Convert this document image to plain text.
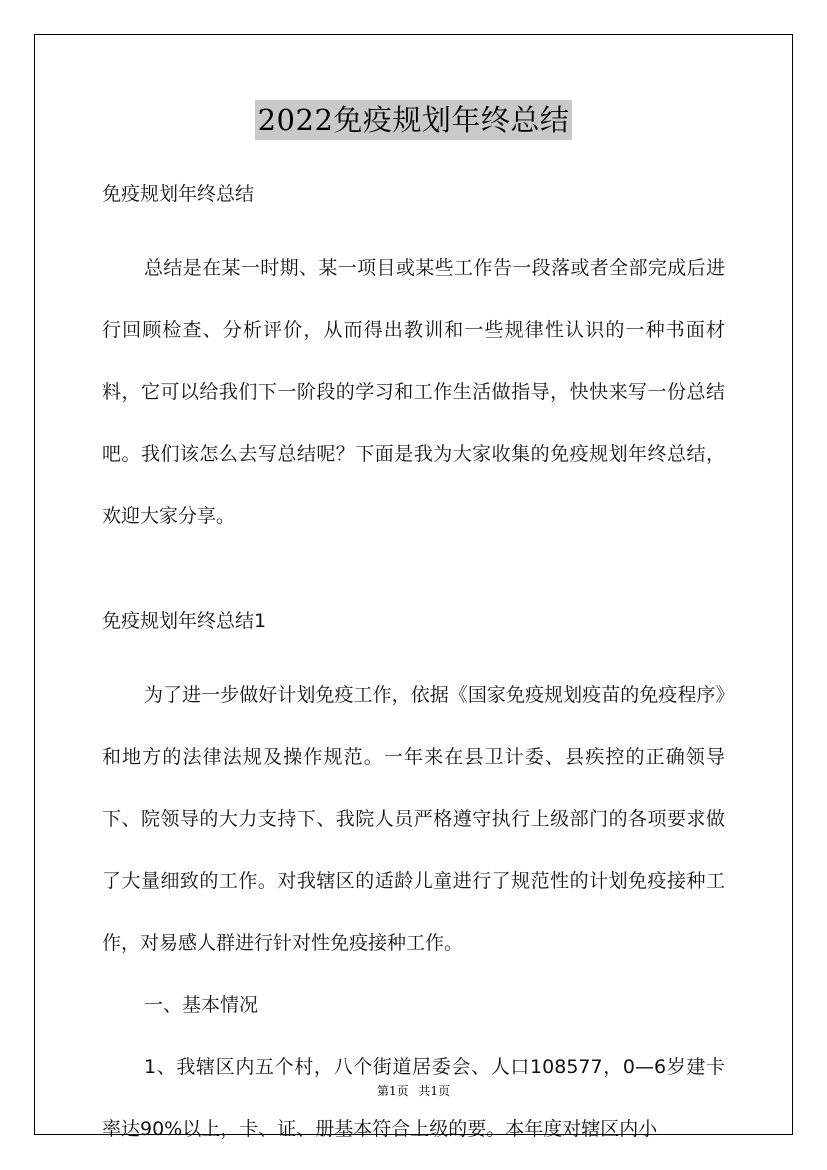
2022免疫规划年终总结

免疫规划年终总结

总结是在某一时期、某一项目或某些工作告一段落或者全部完成后进行回顾检查、分析评价，从而得出教训和一些规律性认识的一种书面材料，它可以给我们下一阶段的学习和工作生活做指导，快快来写一份总结吧。我们该怎么去写总结呢？下面是我为大家收集的免疫规划年终总结，欢迎大家分享。

免疫规划年终总结1

为了进一步做好计划免疫工作，依据《国家免疫规划疫苗的免疫程序》和地方的法律法规及操作规范。一年来在县卫计委、县疾控的正确领导下、院领导的大力支持下、我院人员严格遵守执行上级部门的各项要求做了大量细致的工作。对我辖区的适龄儿童进行了规范性的计划免疫接种工作，对易感人群进行针对性免疫接种工作。

一、基本情况

1、我辖区内五个村，八个街道居委会、人口108577，0—6岁建卡率达90%以上，卡、证、册基本符合上级的要。本年度对辖区内小

第1页 共1页
